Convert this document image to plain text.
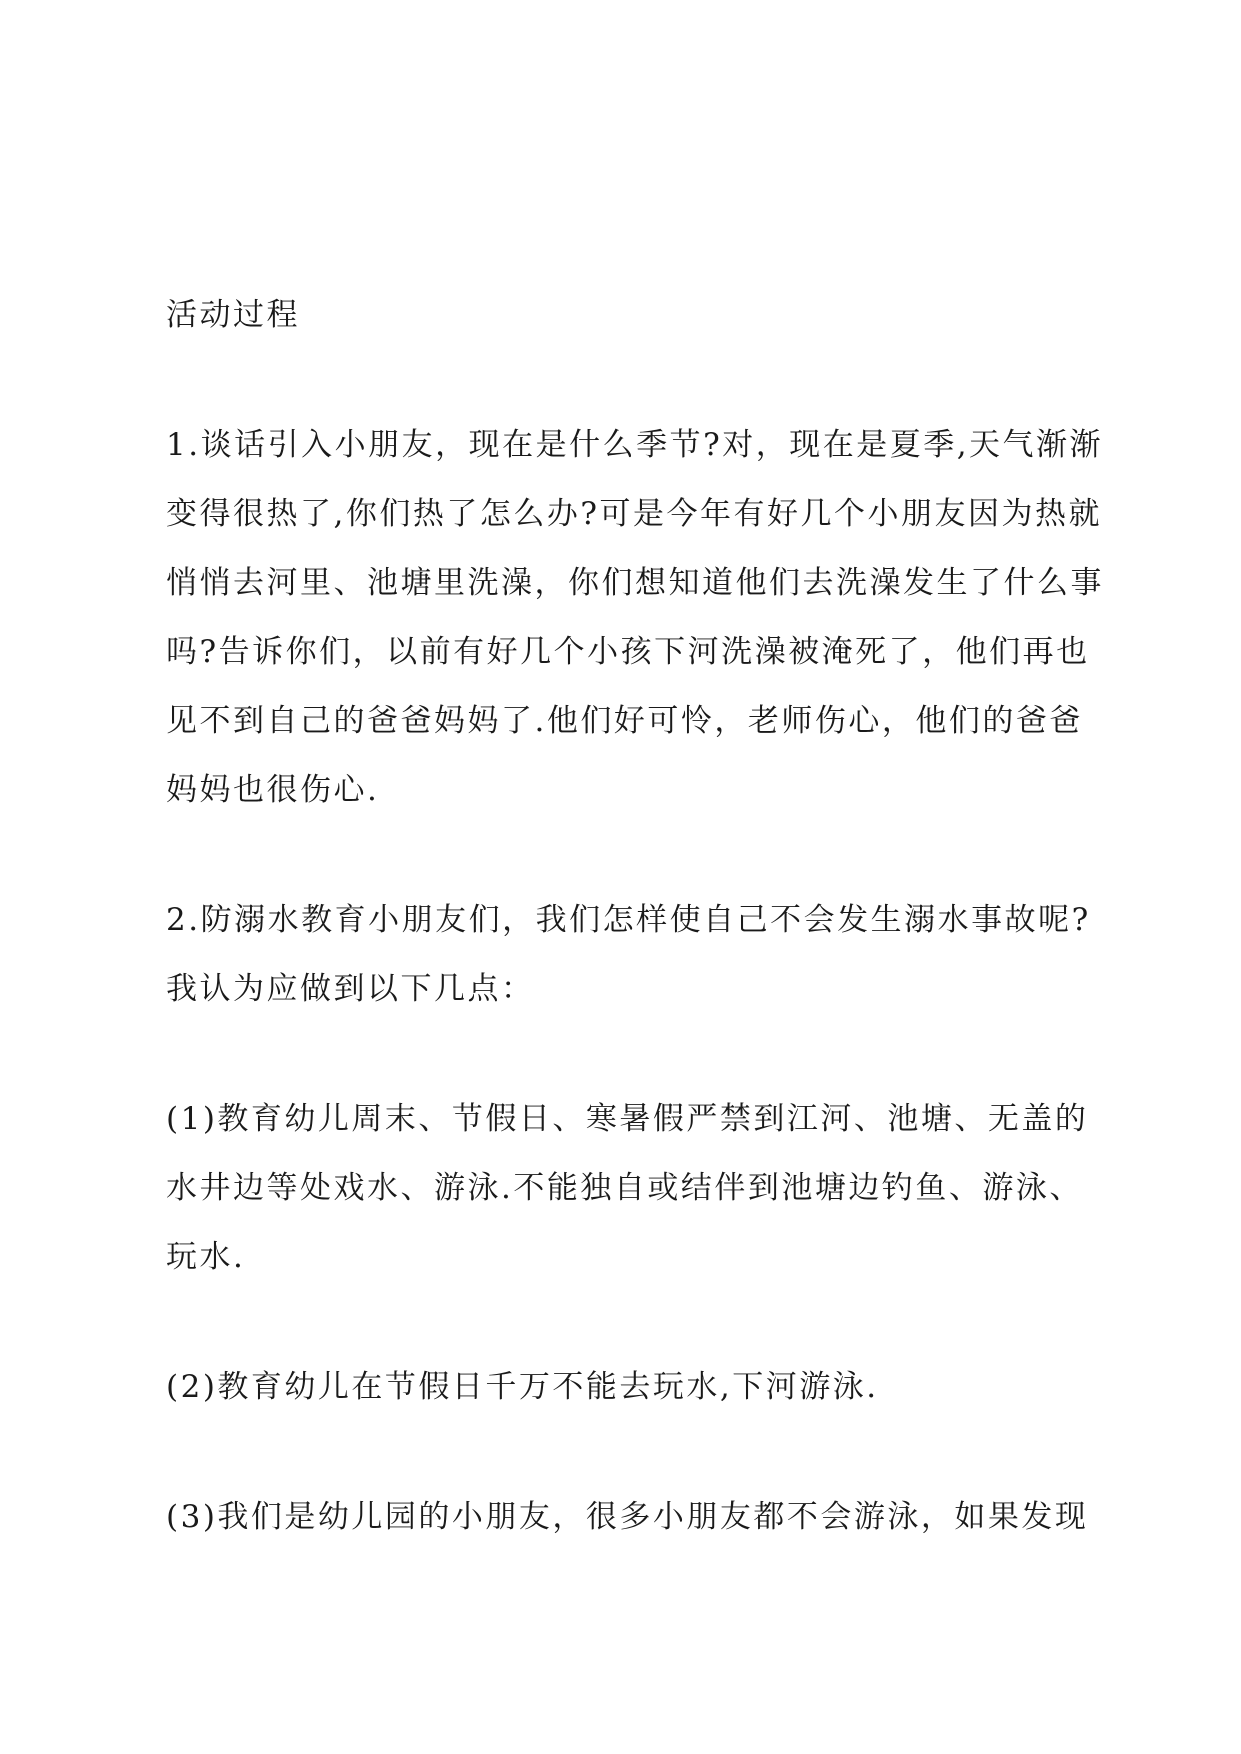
活动过程
1.谈话引入小朋友，现在是什么季节?对，现在是夏季,天气渐渐
变得很热了,你们热了怎么办?可是今年有好几个小朋友因为热就
悄悄去河里、池塘里洗澡，你们想知道他们去洗澡发生了什么事
吗?告诉你们，以前有好几个小孩下河洗澡被淹死了，他们再也
见不到自己的爸爸妈妈了.他们好可怜，老师伤心，他们的爸爸
妈妈也很伤心.
2.防溺水教育小朋友们，我们怎样使自己不会发生溺水事故呢?
我认为应做到以下几点：
(1)教育幼儿周末、节假日、寒暑假严禁到江河、池塘、无盖的
水井边等处戏水、游泳.不能独自或结伴到池塘边钓鱼、游泳、
玩水.
(2)教育幼儿在节假日千万不能去玩水,下河游泳.
(3)我们是幼儿园的小朋友，很多小朋友都不会游泳，如果发现
